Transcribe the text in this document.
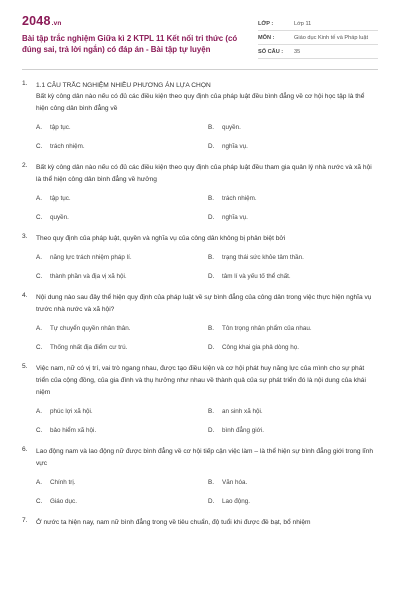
2048.vn
Bài tập trắc nghiệm Giữa kì 2 KTPL 11 Kết nối tri thức (có đúng sai, trả lời ngắn) có đáp án - Bài tập tự luyện
LỚP :	Lớp 11
MÔN :	Giáo dục Kinh tế và Pháp luật
SỐ CÂU :	35
1.	1.1 CÂU TRẮC NGHIỆM NHIỀU PHƯƠNG ÁN LỰA CHỌN
Bất kỳ công dân nào nếu có đủ các điều kiện theo quy định của pháp luật đều bình đẳng về cơ hội học tập là thể hiện công dân bình đẳng về
A.	tập tục.	B.	quyền.
C.	trách nhiệm.	D.	nghĩa vụ.
2.	Bất kỳ công dân nào nếu có đủ các điều kiện theo quy định của pháp luật đều tham gia quản lý nhà nước và xã hội là thể hiện công dân bình đẳng về hưởng
A.	tập tục.	B.	trách nhiệm.
C.	quyền.	D.	nghĩa vụ.
3.	Theo quy định của pháp luật, quyền và nghĩa vụ của công dân không bị phân biệt bởi
A.	năng lực trách nhiệm pháp lí.	B.	trạng thái sức khỏe tâm thần.
C.	thành phần và địa vị xã hội.	D.	tâm lí và yếu tố thể chất.
4.	Nội dung nào sau đây thể hiện quy định của pháp luật về sự bình đẳng của công dân trong việc thực hiện nghĩa vụ trước nhà nước và xã hội?
A.	Tự chuyển quyền nhân thân.	B.	Tôn trọng nhân phẩm của nhau.
C.	Thống nhất địa điểm cư trú.	D.	Công khai gia phả dòng họ.
5.	Việc nam, nữ có vị trí, vai trò ngang nhau, được tạo điều kiện và cơ hội phát huy năng lực của mình cho sự phát triển của cộng đồng, của gia đình và thụ hưởng như nhau về thành quả của sự phát triển đó là nội dung của khái niệm
A.	phúc lợi xã hội.	B.	an sinh xã hội.
C.	bảo hiểm xã hội.	D.	bình đẳng giới.
6.	Lao động nam và lao động nữ được bình đẳng về cơ hội tiếp cận việc làm – là thể hiện sự bình đẳng giới trong lĩnh vực
A.	Chính trị.	B.	Văn hóa.
C.	Giáo dục.	D.	Lao động.
7.	Ở nước ta hiện nay, nam nữ bình đẳng trong về tiêu chuẩn, độ tuổi khi được đề bạt, bổ nhiệm
